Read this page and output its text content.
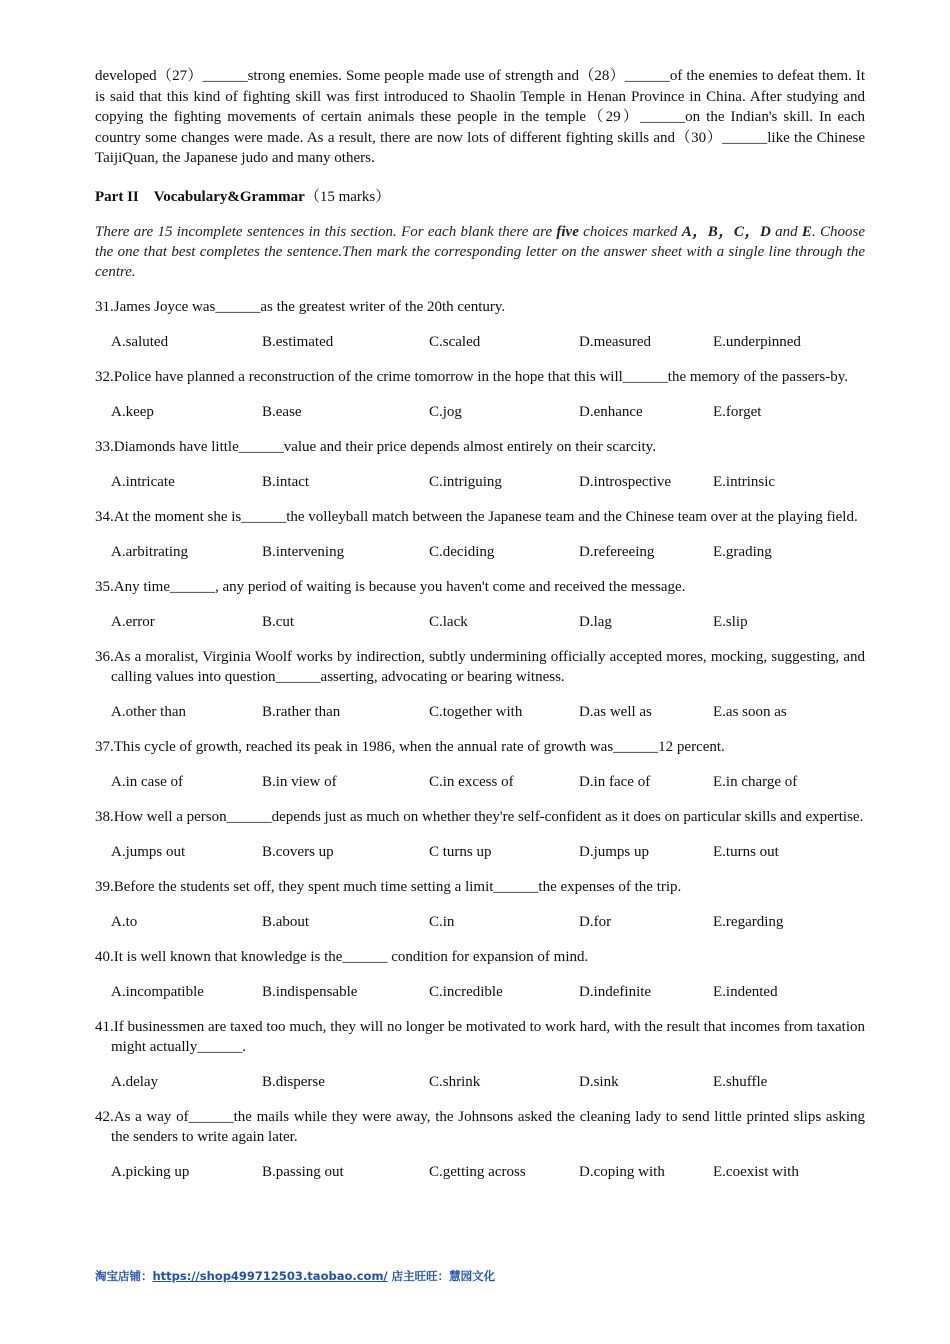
developed（27）______strong enemies. Some people made use of strength and（28）______of the enemies to defeat them. It is said that this kind of fighting skill was first introduced to Shaolin Temple in Henan Province in China. After studying and copying the fighting movements of certain animals these people in the temple（29）______on the Indian's skill. In each country some changes were made. As a result, there are now lots of different fighting skills and（30）______like the Chinese TaijiQuan, the Japanese judo and many others.

Part II　Vocabulary&Grammar（15 marks）
There are 15 incomplete sentences in this section. For each blank there are five choices marked A，B，C，D and E. Choose the one that best completes the sentence.Then mark the corresponding letter on the answer sheet with a single line through the centre.
31.James Joyce was______as the greatest writer of the 20th century.
A.saluted	B.estimated	C.scaled	D.measured	E.underpinned
32.Police have planned a reconstruction of the crime tomorrow in the hope that this will______the memory of the passers-by.
A.keep	B.ease	C.jog	D.enhance	E.forget
33.Diamonds have little______value and their price depends almost entirely on their scarcity.
A.intricate	B.intact	C.intriguing	D.introspective	E.intrinsic
34.At the moment she is______the volleyball match between the Japanese team and the Chinese team over at the playing field.
A.arbitrating	B.intervening	C.deciding	D.refereeing	E.grading
35.Any time______, any period of waiting is because you haven't come and received the message.
A.error	B.cut	C.lack	D.lag	E.slip
36.As a moralist, Virginia Woolf works by indirection, subtly undermining officially accepted mores, mocking, suggesting, and calling values into question______asserting, advocating or bearing witness.
A.other than	B.rather than	C.together with	D.as well as	E.as soon as
37.This cycle of growth, reached its peak in 1986, when the annual rate of growth was______12 percent.
A.in case of	B.in view of	C.in excess of	D.in face of	E.in charge of
38.How well a person______depends just as much on whether they're self-confident as it does on particular skills and expertise.
A.jumps out	B.covers up	C turns up	D.jumps up	E.turns out
39.Before the students set off, they spent much time setting a limit______the expenses of the trip.
A.to	B.about	C.in	D.for	E.regarding
40.It is well known that knowledge is the______ condition for expansion of mind.
A.incompatible	B.indispensable	C.incredible	D.indefinite	E.indented
41.If businessmen are taxed too much, they will no longer be motivated to work hard, with the result that incomes from taxation might actually______.
A.delay	B.disperse	C.shrink	D.sink	E.shuffle
42.As a way of______the mails while they were away, the Johnsons asked the cleaning lady to send little printed slips asking the senders to write again later.
A.picking up	B.passing out	C.getting across	D.coping with	E.coexist with
淘宝店铺：https://shop499712503.taobao.com/ 店主旺旺：慧园文化
